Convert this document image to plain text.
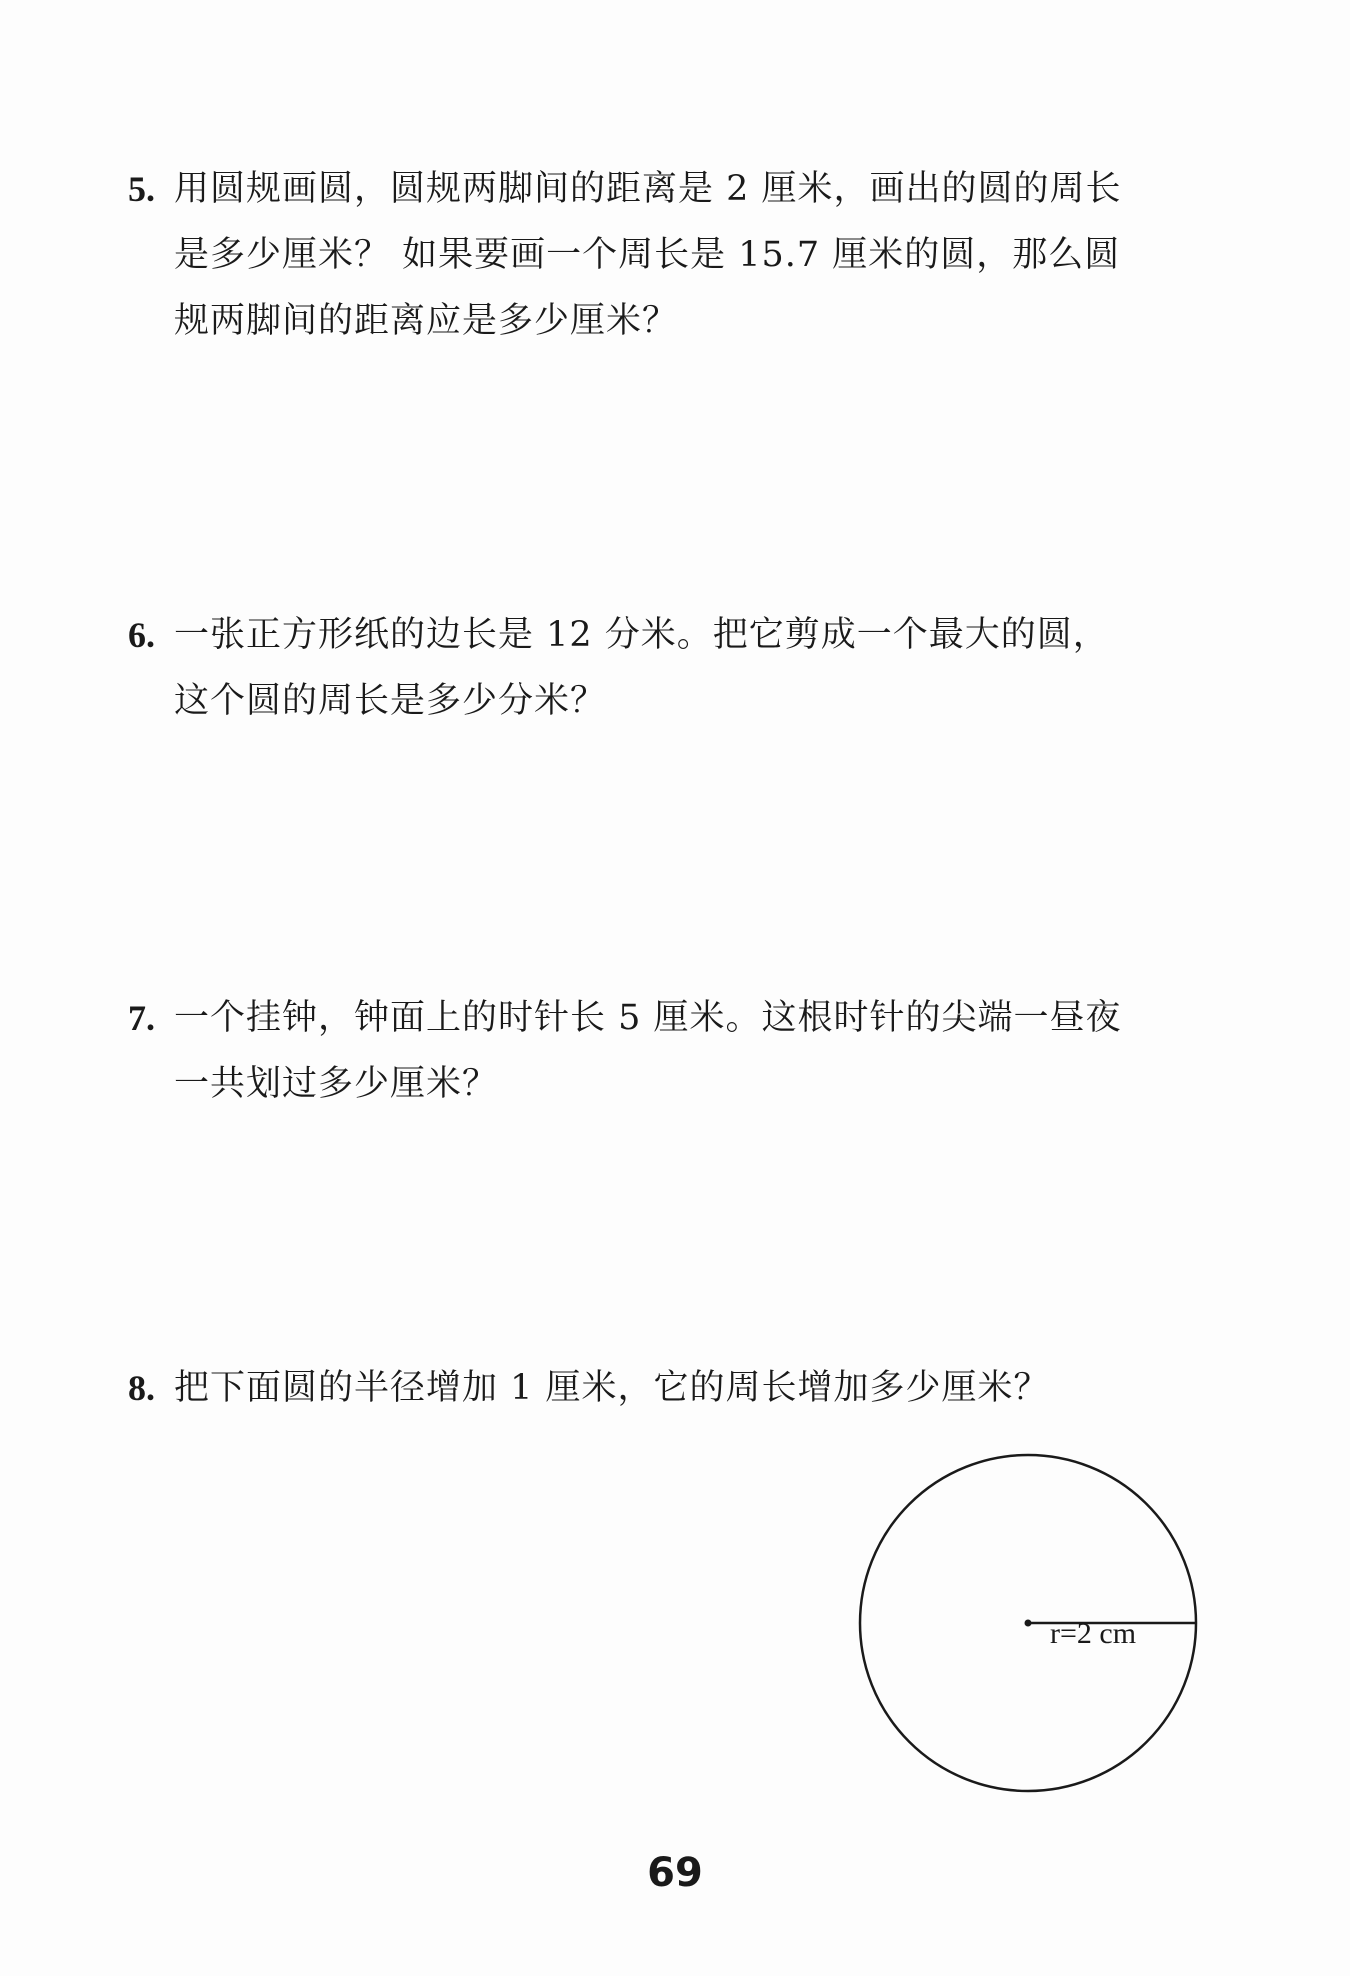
5. 用圆规画圆，圆规两脚间的距离是 2 厘米，画出的圆的周长
是多少厘米？ 如果要画一个周长是 15.7 厘米的圆，那么圆
规两脚间的距离应是多少厘米？
6. 一张正方形纸的边长是 12 分米。把它剪成一个最大的圆，
这个圆的周长是多少分米？
7. 一个挂钟，钟面上的时针长 5 厘米。这根时针的尖端一昼夜
一共划过多少厘米？
8. 把下面圆的半径增加 1 厘米，它的周长增加多少厘米？
r=2 cm
69
